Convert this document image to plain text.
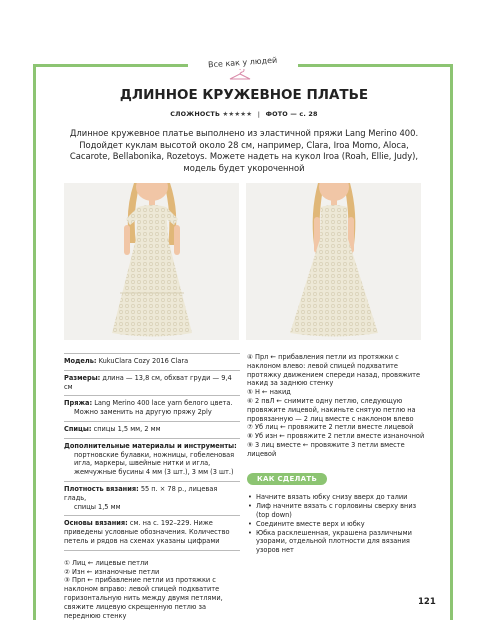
Все как у людей
ДЛИННОЕ КРУЖЕВНОЕ ПЛАТЬЕ
СЛОЖНОСТЬ ★★★★★ | ФОТО — с. 28
Длинное кружевное платье выполнено из эластичной пряжи Lang Merino 400. Подойдет куклам высотой около 28 см, например, Clara, Iroa Momo, Aloca, Cacarote, Bellabonika, Rozetoys. Можете надеть на кукол Iroa (Roah, Ellie, Judy), модель будет укороченной
Модель: KukuClara Cozy 2016 Clara
Размеры: длина — 13,8 см, обхват груди — 9,4 см
Пряжа: Lang Merino 400 lace yarn белого цвета.
Можно заменить на другую пряжу 2ply
Спицы: спицы 1,5 мм, 2 мм
Дополнительные материалы и инструменты:
портновские булавки, ножницы, гобеленовая игла, маркеры, швейные нитки и игла, жемчужные бусины 4 мм (3 шт.), 3 мм (3 шт.)
Плотность вязания: 55 п. × 78 р., лицевая гладь,
спицы 1,5 мм
Основы вязания: см. на с. 192–229. Ниже приведены условные обозначения. Количество петель и рядов на схемах указаны цифрами

① Лиц ← лицевые петли

② Изн ← изнаночные петли

③ Прп ← прибавление петли из протяжки с наклоном вправо: левой спицей подхватите горизонтальную нить между двумя петлями, свяжите лицевую скрещенную петлю за переднюю стенку

④ Прл ← прибавления петли из протяжки с наклоном влево: левой спицей подхватите протяжку движением спереди назад, провяжите накид за заднюю стенку

⑤ Н ← накид

⑥ 2 пвЛ ← снимите одну петлю, следующую провяжите лицевой, накиньте снятую петлю на провязанную — 2 лиц вместе с наклоном влево

⑦ Уб лиц ← провяжите 2 петли вместе лицевой

⑧ Уб изн ← провяжите 2 петли вместе изнаночной

⑨ 3 лиц вместе ← провяжите 3 петли вместе лицевой

КАК СДЕЛАТЬ

• Начните вязать юбку снизу вверх до талии

• Лиф начните вязать с горловины сверху вниз (top down)

• Соедините вместе верх и юбку

• Юбка расклешенная, украшена различными узорами, отдельной плотности для вязания узоров нет

121
